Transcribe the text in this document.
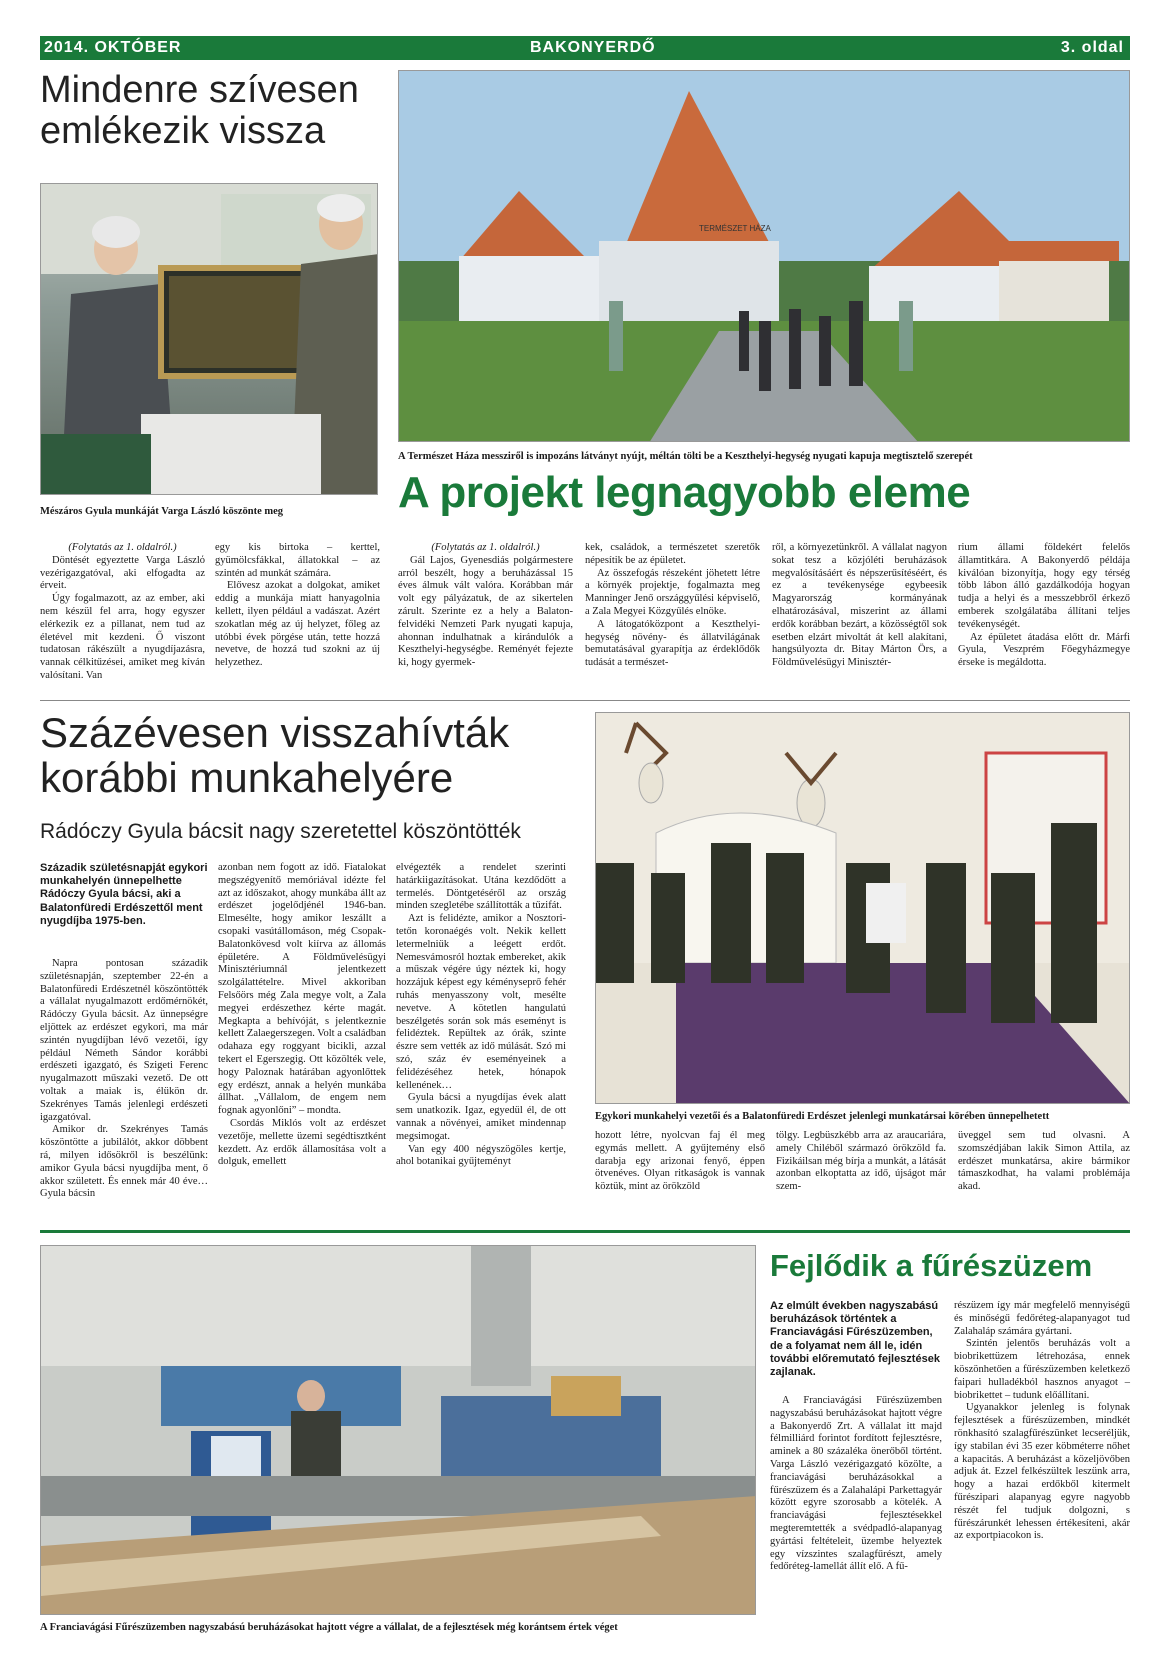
2014. OKTÓBER	BAKONYERDŐ	3. oldal
Mindenre szívesen
emlékezik vissza
Mészáros Gyula munkáját Varga László köszönte meg

(Folytatás az 1. oldalról.)

Döntését egyeztette Varga Lászlό vezérigazgatóval, aki elfogadta az érveit.

Úgy fogalmazott, az az ember, aki nem készül fel arra, hogy egyszer elérkezik ez a pillanat, nem tud az életével mit kezdeni. Ő viszont tudatosan rákészült a nyugdíjazásra, vannak célkitűzései, amiket meg kíván valósítani. Van

egy kis birtoka – kerttel, gyümölcsfákkal, állatokkal – az szintén ad munkát számára.

Elővesz azokat a dolgokat, amiket eddig a munkája miatt hanyagolnia kellett, ilyen például a vadászat. Azért szokatlan még az új helyzet, főleg az utóbbi évek pörgése után, tette hozzá nevetve, de hozzá tud szokni az új helyzethez.

TERMÉSZET HÁZA
A Természet Háza messziről is impozáns látványt nyújt, méltán tölti be a Keszthelyi-hegység nyugati kapuja megtisztelő szerepét
A projekt legnagyobb eleme

(Folytatás az 1. oldalról.)

Gál Lajos, Gyenesdiás polgármestere arról beszélt, hogy a beruházással 15 éves álmuk vált valóra. Korábban már volt egy pályázatuk, de az sikertelen zárult. Szerinte ez a hely a Balaton-felvidéki Nemzeti Park nyugati kapuja, ahonnan indulhatnak a kirándulók a Keszthelyi-hegységbe. Reményét fejezte ki, hogy gyermek-

kek, családok, a természetet szeretők népesítik be az épületet.

Az összefogás részeként jöhetett létre a környék projektje, fogalmazta meg Manninger Jenő országgyűlési képviselő, a Zala Megyei Közgyűlés elnöke.

A látogatóközpont a Keszthelyi-hegység növény- és állatvilágának bemutatásával gyarapítja az érdeklődők tudását a természet-

ről, a környezetünkről. A vállalat nagyon sokat tesz a közjóléti beruházások megvalósításáért és népszerűsítéséért, és ez a tevékenysége egybeesik Magyarország kormányának elhatározásával, miszerint az állami erdők korábban bezárt, a közösségtől sok esetben elzárt mivoltát át kell alakítani, hangsúlyozta dr. Bitay Márton Örs, a Földművelésügyi Minisztér-

rium állami földekért felelős államtitkára. A Bakonyerdő példája kiválóan bizonyítja, hogy egy térség több lábon álló gazdálkodója hogyan tudja a helyi és a messzebbről érkező emberek szolgálatába állítani teljes tevékenységét.

Az épületet átadása előtt dr. Márfi Gyula, Veszprém Főegyházmegye érseke is megáldotta.

Százévesen visszahívták
korábbi munkahelyére
Rádóczy Gyula bácsit nagy szeretettel köszöntötték
Századik születésnapját egykori munkahelyén ünnepelhette Rádóczy Gyula bácsi, aki a Balatonfüredi Erdészettől ment nyugdíjba 1975-ben.

Napra pontosan századik születésnapján, szeptember 22-én a Balatonfüredi Erdészetnél köszöntötték a vállalat nyugalmazott erdőmérnökét, Rádóczy Gyula bácsit. Az ünnepségre eljöttek az erdészet egykori, ma már szintén nyugdíjban lévő vezetői, így például Németh Sándor korábbi erdészeti igazgató, és Szigeti Ferenc nyugalmazott műszaki vezető. De ott voltak a maiak is, élükön dr. Szekrényes Tamás jelenlegi erdészeti igazgatóval.

Amikor dr. Szekrényes Tamás köszöntötte a jubilálót, akkor döbbent rá, milyen idősökről is beszélünk: amikor Gyula bácsi nyugdíjba ment, ő akkor született. És ennek már 40 éve… Gyula bácsin

azonban nem fogott az idő. Fiatalokat megszégyenítő memóriával idézte fel azt az időszakot, ahogy munkába állt az erdészet jogelődjénél 1946-ban. Elmesélte, hogy amikor leszállt a csopaki vasútállomáson, még Csopak-Balatonkövesd volt kiírva az állomás épületére. A Földművelésügyi Minisztériumnál jelentkezett szolgálattételre. Mivel akkoriban Felsőörs még Zala megye volt, a Zala megyei erdészethez kérte magát. Megkapta a behívóját, s jelentkeznie kellett Zalaegerszegen. Volt a családban odahaza egy roggyant bicikli, azzal tekert el Egerszegig. Ott közölték vele, hogy Paloznak határában agyonlőttek egy erdészt, annak a helyén munkába állhat. „Vállalom, de engem nem fognak agyonlőni” – mondta.

Csordás Miklós volt az erdészet vezetője, mellette üzemi segédtisztként kezdett. Az erdők államosítása volt a dolguk, emellett

elvégezték a rendelet szerinti határkiigazításokat. Utána kezdődött a termelés. Döntgetéséről az ország minden szegletébe szállították a tűzifát.

Azt is felidézte, amikor a Nosztori-tetőn koronaégés volt. Nekik kellett letermelniük a leégett erdőt. Nemesvámosról hoztak embereket, akik a műszak végére úgy néztek ki, hogy hozzájuk képest egy kéményseprő fehér ruhás menyasszony volt, mesélte nevetve. A kötetlen hangulatú beszélgetés során sok más eseményt is felidéztek. Repültek az órák, szinte észre sem vették az idő múlását. Szó mi szó, száz év eseményeinek a felidézéséhez hetek, hónapok kellenének…

Gyula bácsi a nyugdíjas évek alatt sem unatkozik. Igaz, egyedül él, de ott vannak a növényei, amiket mindennap megsimogat.

Van egy 400 négyszögöles kertje, ahol botanikai gyűjteményt

Egykori munkahelyi vezetői és a Balatonfüredi Erdészet jelenlegi munkatársai körében ünnepelhetett

hozott létre, nyolcvan faj él meg egymás mellett. A gyűjtemény első darabja egy arizonai fenyő, éppen ötvenéves. Olyan ritkaságok is vannak köztük, mint az örökzöld

tölgy. Legbüszkébb arra az araucariára, amely Chiléből származó örökzöld fa. Fizikáilsan még bírja a munkát, a látását azonban elkoptatta az idő, újságot már szem-

üveggel sem tud olvasni. A szomszédjában lakik Simon Attila, az erdészet munkatársa, akire bármikor támaszkodhat, ha valami problémája akad.

A Franciavágási Fűrészüzemben nagyszabású beruházásokat hajtott végre a vállalat, de a fejlesztések még korántsem értek véget
Fejlődik a fűrészüzem
Az elmúlt években nagyszabású beruházások történtek a Franciavágási Fűrészüzemben, de a folyamat nem áll le, idén további előremutató fejlesztések zajlanak.

A Franciavágási Fűrészüzemben nagyszabású beruházásokat hajtott végre a Bakonyerdő Zrt. A vállalat itt majd félmilliárd forintot fordított fejlesztésre, aminek a 80 százaléka önerőből történt. Varga László vezérigazgató közölte, a franciavágási beruházásokkal a fűrészüzem és a Zalahalápi Parkettagyár között egyre szorosabb a kötelék. A franciavágási fejlesztésekkel megteremtették a svédpadló-alapanyag gyártási feltételeit, üzembe helyeztek egy vízszintes szalagfűrészt, amely fedőréteg-lamellát állít elő. A fű-

részüzem így már megfelelő mennyiségű és minőségű fedőréteg-alapanyagot tud Zalahaláp számára gyártani.

Szintén jelentős beruházás volt a biobrikettüzem létrehozása, ennek köszönhetően a fűrészüzemben keletkező faipari hulladékból hasznos anyagot – biobrikettet – tudunk előállítani.

Ugyanakkor jelenleg is folynak fejlesztések a fűrészüzemben, mindkét rönkhasító szalagfűrészünket lecseréljük, így stabilan évi 35 ezer köbméterre nőhet a kapacitás. A beruházást a közeljövőben adjuk át. Ezzel felkészültek leszünk arra, hogy a hazai erdőkből kitermelt fűrészipari alapanyag egyre nagyobb részét fel tudjuk dolgozni, s fűrészárunkét lehessen értékesíteni, akár az exportpiacokon is.
